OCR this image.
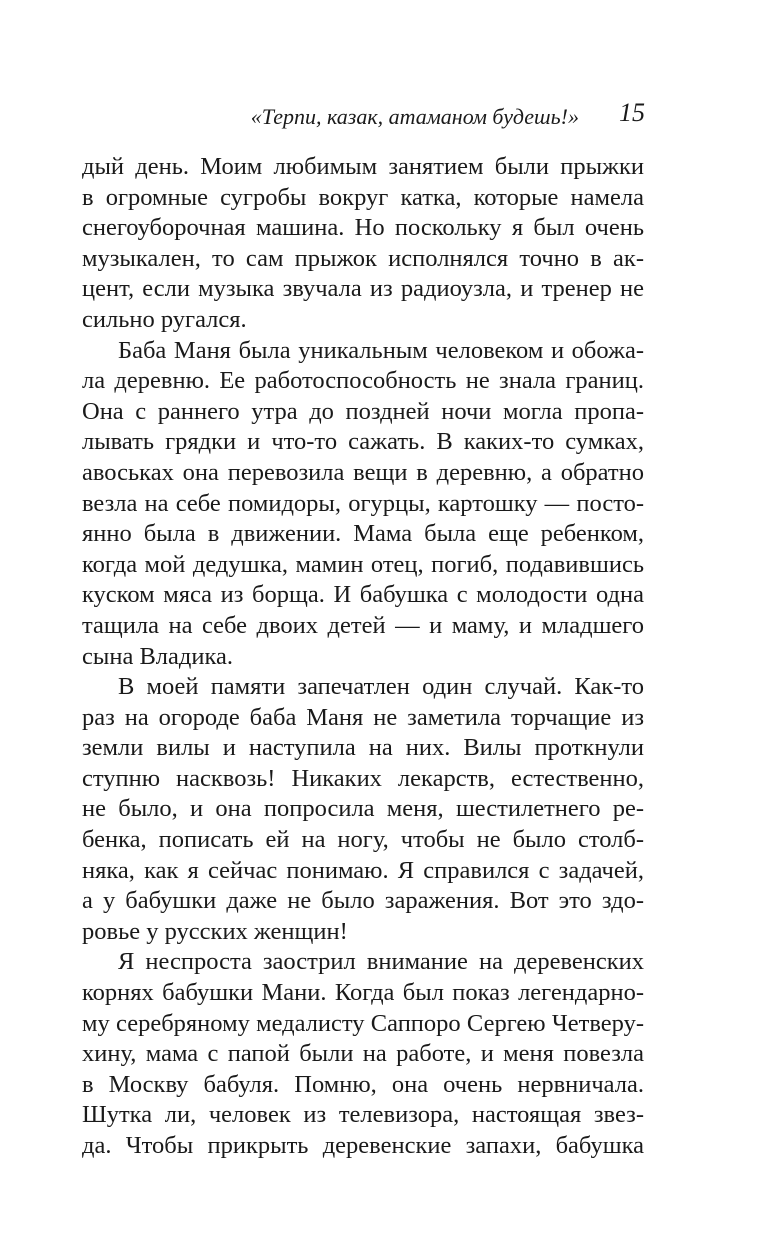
«Терпи, казак, атаманом будешь!» 15
дый день. Моим любимым занятием были прыжки
в огромные сугробы вокруг катка, которые намела
снегоуборочная машина. Но поскольку я был очень
музыкален, то сам прыжок исполнялся точно в ак-
цент, если музыка звучала из радиоузла, и тренер не
сильно ругался.
Баба Маня была уникальным человеком и обожа-
ла деревню. Ее работоспособность не знала границ.
Она с раннего утра до поздней ночи могла пропа-
лывать грядки и что-то сажать. В каких-то сумках,
авоськах она перевозила вещи в деревню, а обратно
везла на себе помидоры, огурцы, картошку — посто-
янно была в движении. Мама была еще ребенком,
когда мой дедушка, мамин отец, погиб, подавившись
куском мяса из борща. И бабушка с молодости одна
тащила на себе двоих детей — и маму, и младшего
сына Владика.
В моей памяти запечатлен один случай. Как-то
раз на огороде баба Маня не заметила торчащие из
земли вилы и наступила на них. Вилы проткнули
ступню насквозь! Никаких лекарств, естественно,
не было, и она попросила меня, шестилетнего ре-
бенка, пописать ей на ногу, чтобы не было столб-
няка, как я сейчас понимаю. Я справился с задачей,
а у бабушки даже не было заражения. Вот это здо-
ровье у русских женщин!
Я неспроста заострил внимание на деревенских
корнях бабушки Мани. Когда был показ легендарно-
му серебряному медалисту Саппоро Сергею Четверу-
хину, мама с папой были на работе, и меня повезла
в Москву бабуля. Помню, она очень нервничала.
Шутка ли, человек из телевизора, настоящая звез-
да. Чтобы прикрыть деревенские запахи, бабушка
